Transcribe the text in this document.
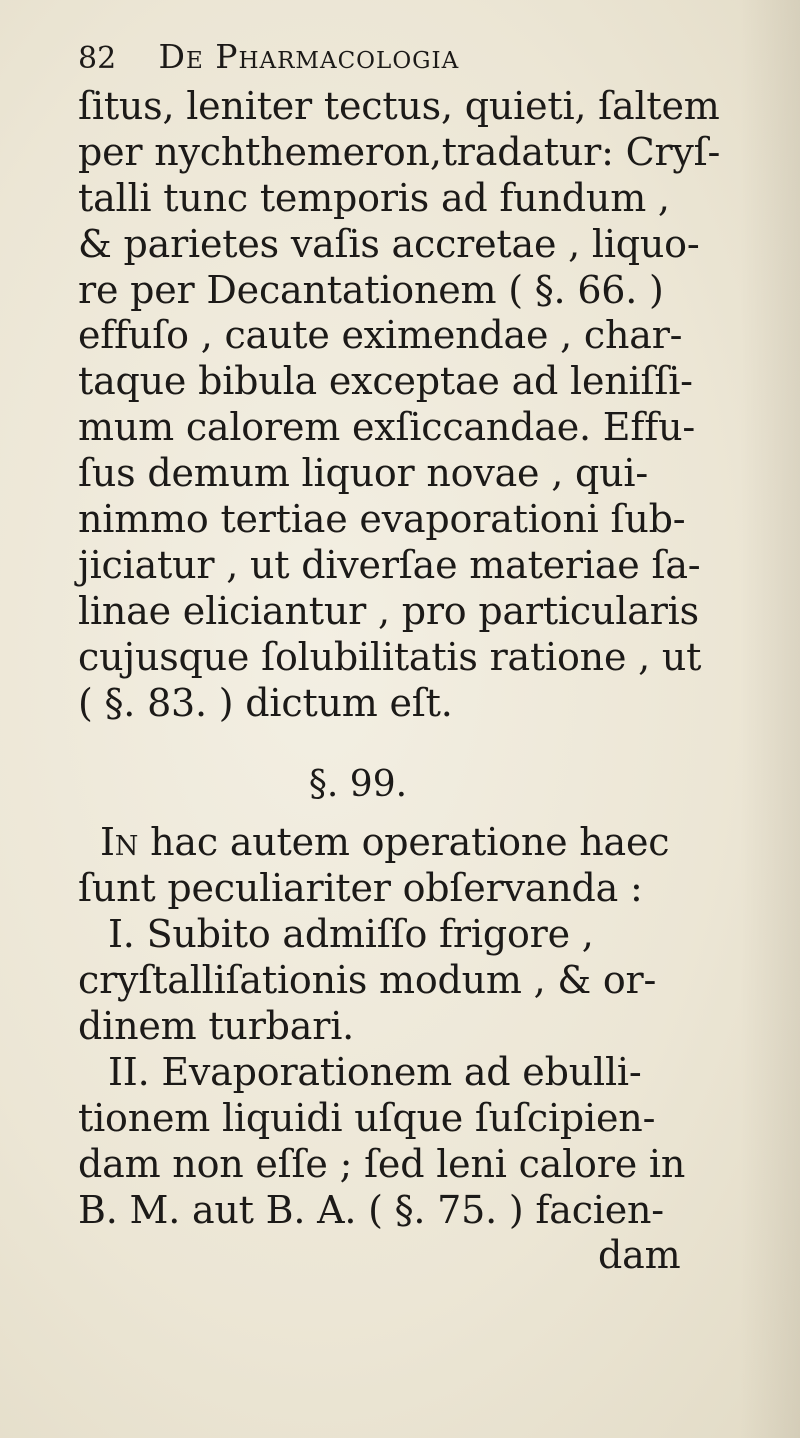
82 De Pharmacologia
ſitus, leniter tectus, quieti, ſaltem
per nychthemeron,tradatur: Cryſ-
talli tunc temporis ad fundum ,
& parietes vaſis accretae , liquo-
re per Decantationem ( §. 66. )
effuſo , caute eximendae , char-
taque bibula exceptae ad leniſſi-
mum calorem exſiccandae. Effu-
ſus demum liquor novae , qui-
nimmo tertiae evaporationi ſub-
jiciatur , ut diverſae materiae ſa-
linae eliciantur , pro particularis
cujusque ſolubilitatis ratione , ut
( §. 83. ) dictum eſt.
§. 99.
In hac autem operatione haec
ſunt peculiariter obſervanda :
I. Subito admiſſo frigore ,
cryſtalliſationis modum , & or-
dinem turbari.
II. Evaporationem ad ebulli-
tionem liquidi uſque ſuſcipien-
dam non eſſe ; ſed leni calore in
B. M. aut B. A. ( §. 75. ) facien-
dam
